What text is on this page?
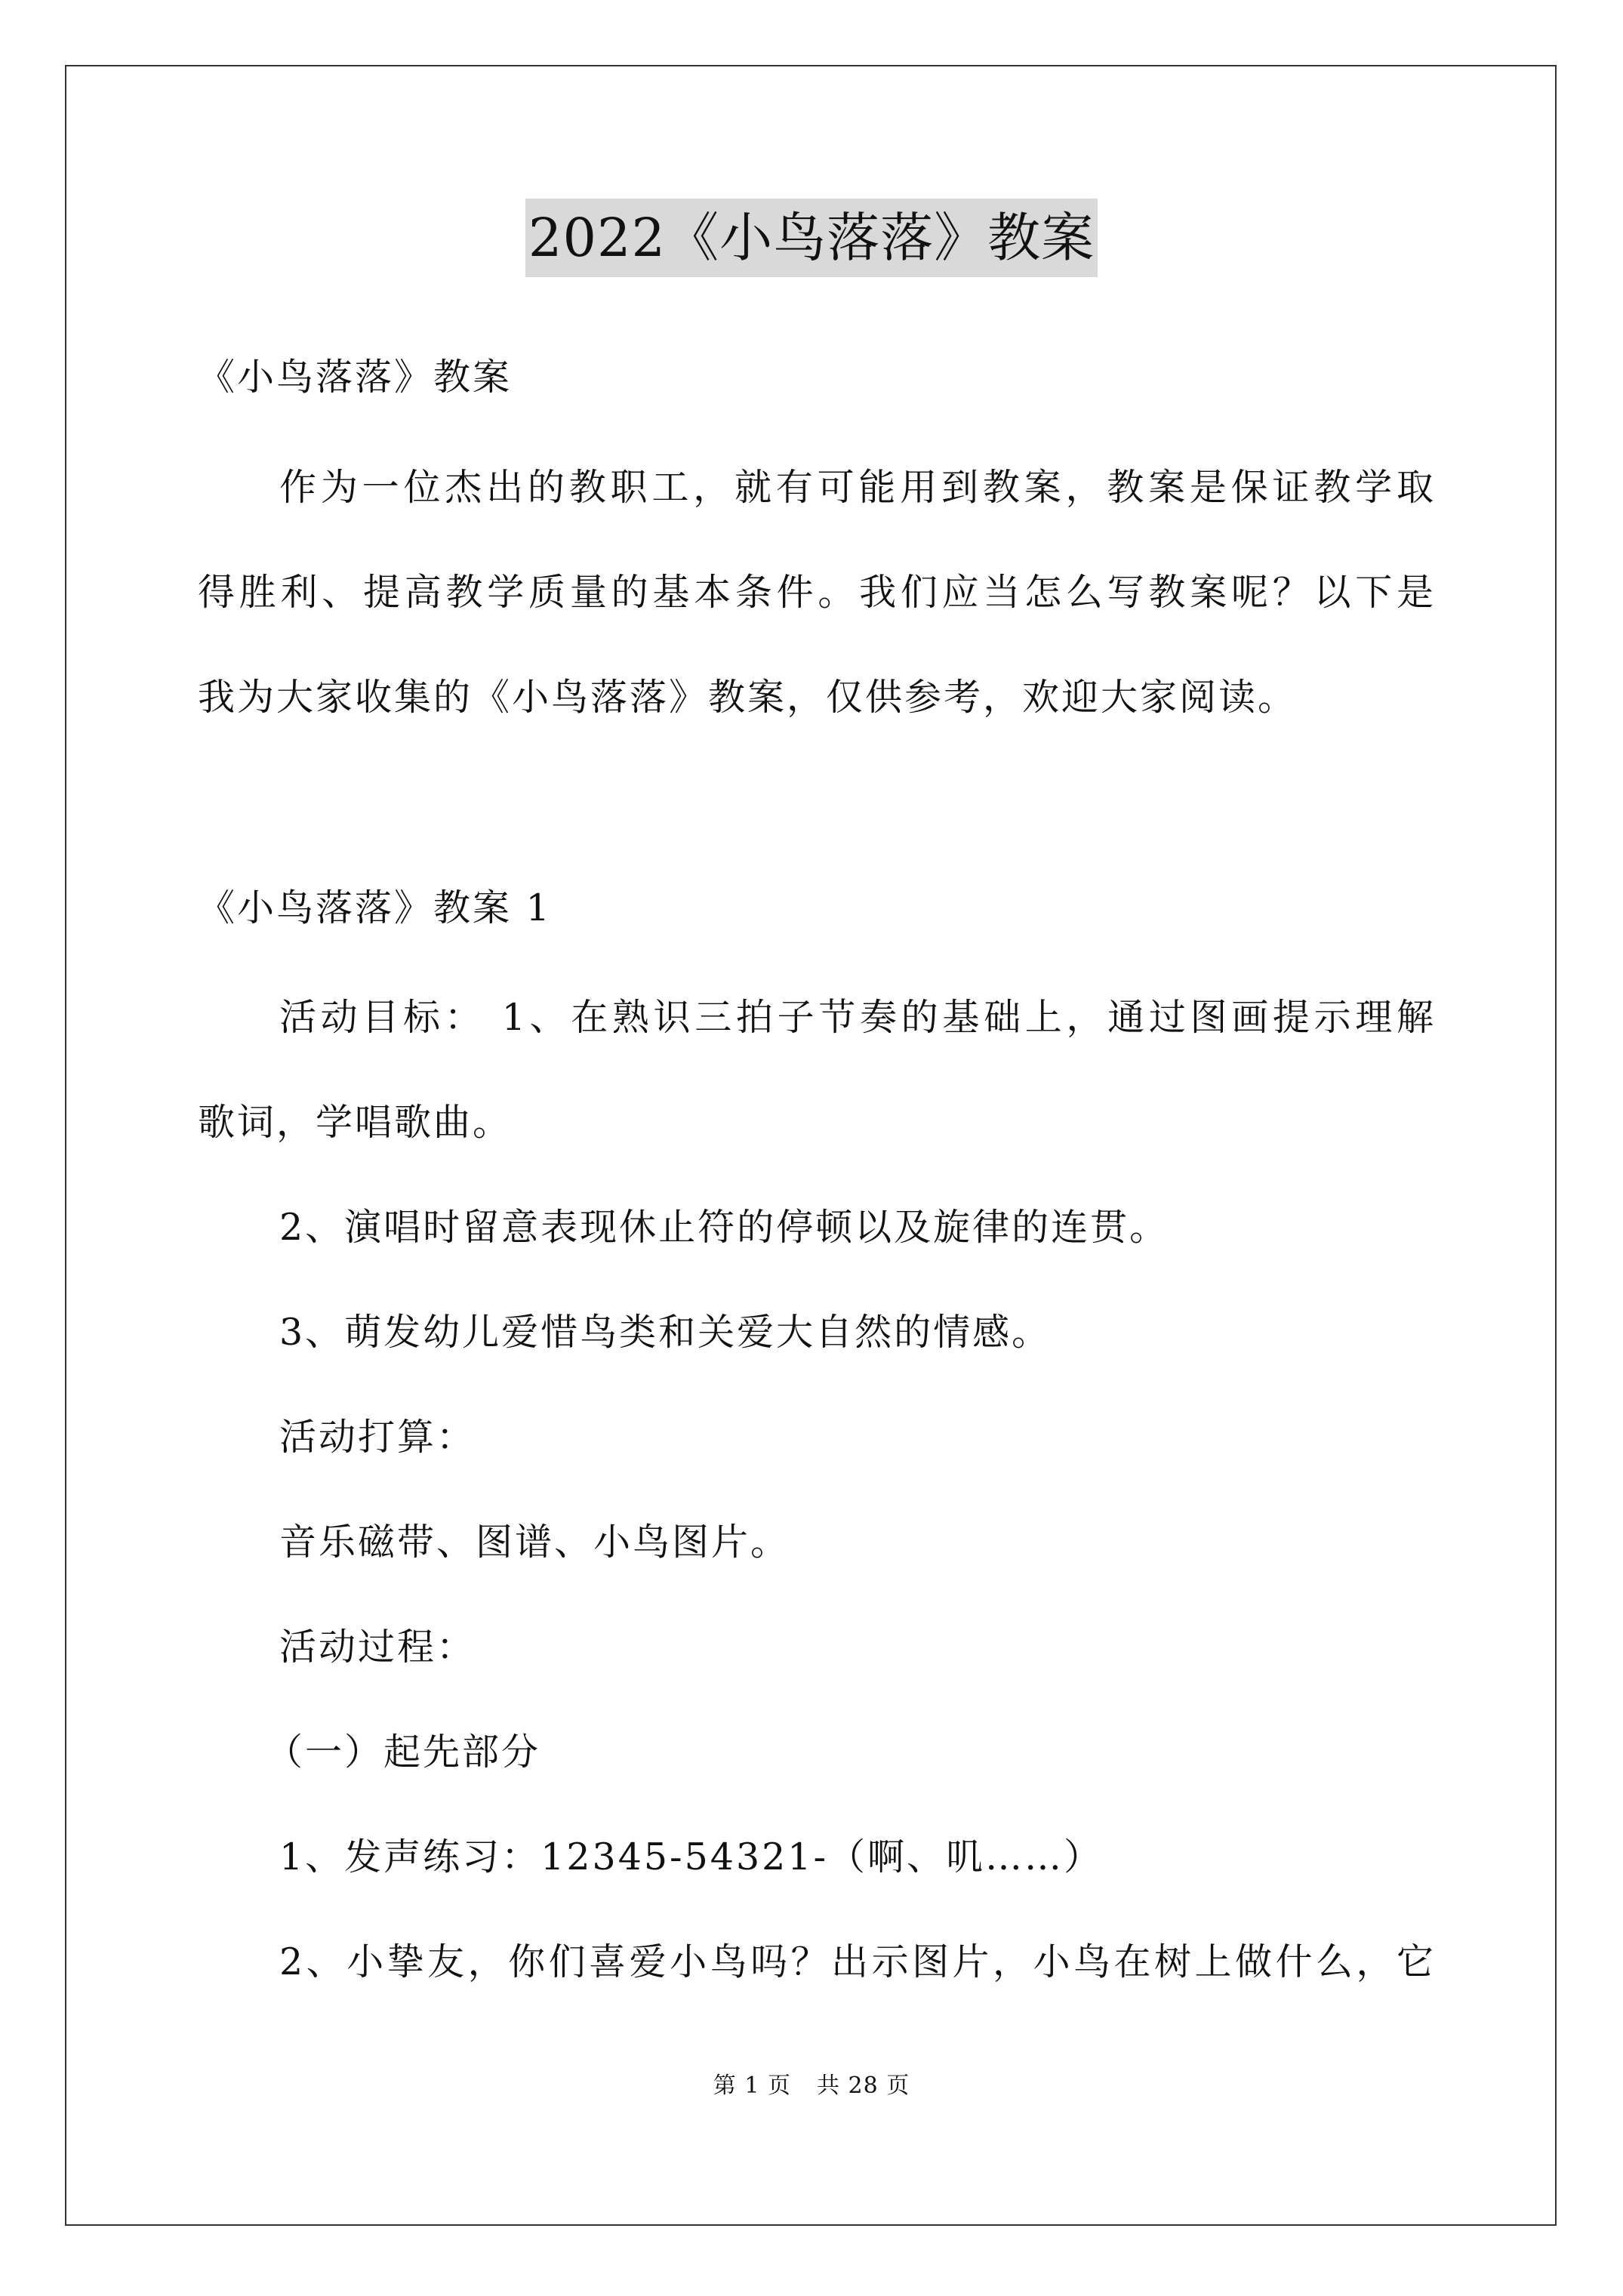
2022《小鸟落落》教案
《小鸟落落》教案
作为一位杰出的教职工，就有可能用到教案，教案是保证教学取
得胜利、提高教学质量的基本条件。我们应当怎么写教案呢？以下是
我为大家收集的《小鸟落落》教案，仅供参考，欢迎大家阅读。
《小鸟落落》教案 1
活动目标： 1、在熟识三拍子节奏的基础上，通过图画提示理解
歌词，学唱歌曲。
2、演唱时留意表现休止符的停顿以及旋律的连贯。
3、萌发幼儿爱惜鸟类和关爱大自然的情感。
活动打算：
音乐磁带、图谱、小鸟图片。
活动过程：
（一）起先部分
1、发声练习：12345-54321-（啊、叽……）
2、小挚友，你们喜爱小鸟吗？出示图片，小鸟在树上做什么，它
第 1 页 共 28 页
